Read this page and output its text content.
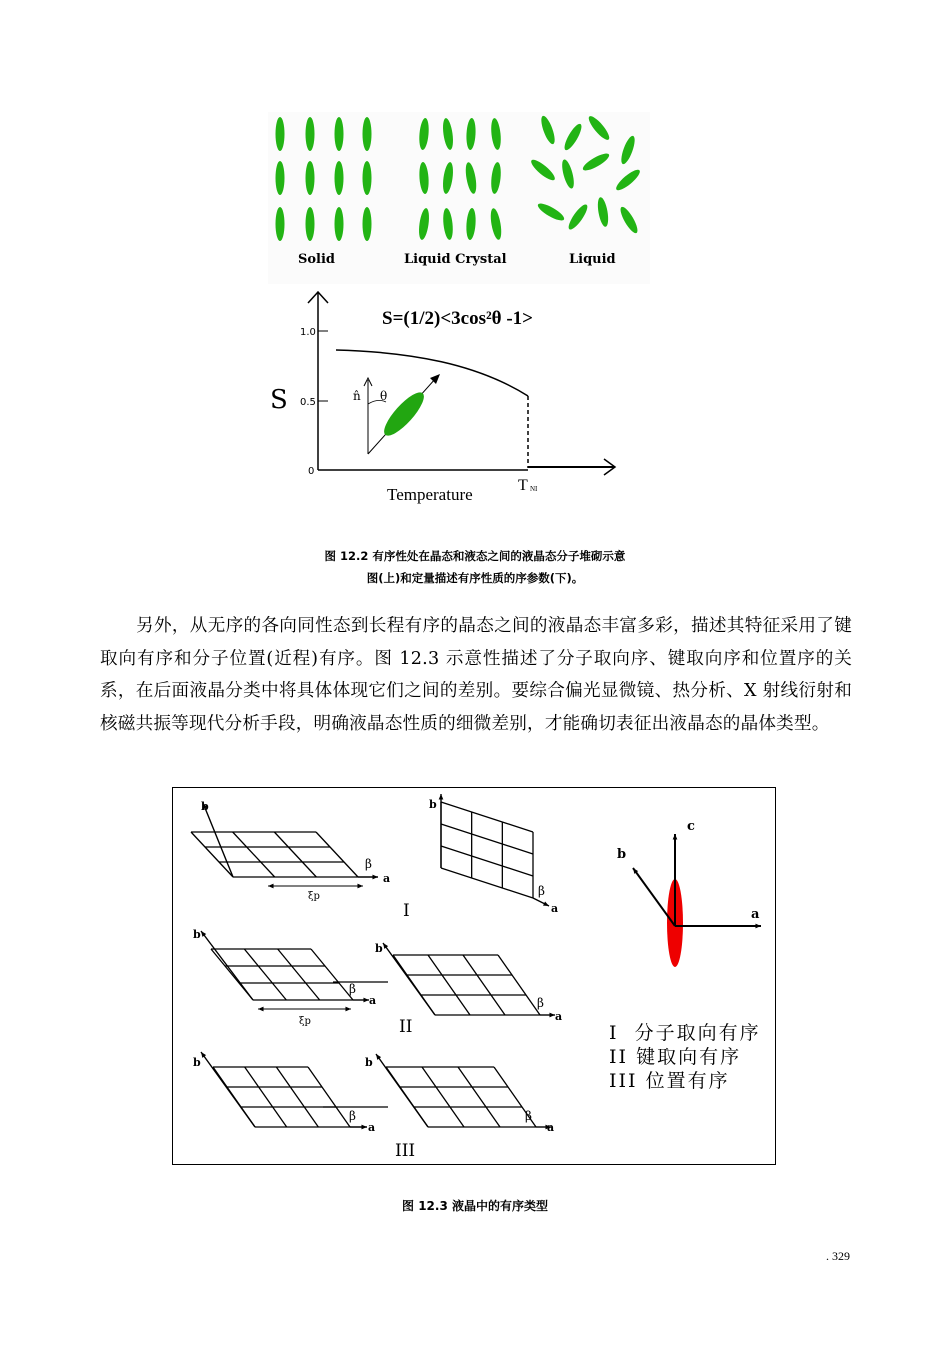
Solid	Liquid Crystal	Liquid
1.0
0.5
0
S
S=(1/2)<3cos²θ -1>
n̂ θ
Temperature	T NI
图 12.2 有序性处在晶态和液态之间的液晶态分子堆砌示意
图(上)和定量描述有序性质的序参数(下)。
另外，从无序的各向同性态到长程有序的晶态之间的液晶态丰富多彩，描述其特征采用了键取向有序和分子位置(近程)有序。图 12.3 示意性描述了分子取向序、键取向序和位置序的关系，在后面液晶分类中将具体体现它们之间的差别。要综合偏光显微镜、热分析、X 射线衍射和核磁共振等现代分析手段，明确液晶态性质的细微差别，才能确切表征出液晶态的晶体类型。
b
a
β
ξp
I
b
a
β
c
a
b
b
a
β
ξp
b
a
β
II
b
a
β
b
a
β
III
I 分子取向有序
II 键取向有序
III 位置有序
图 12.3 液晶中的有序类型
. 329
